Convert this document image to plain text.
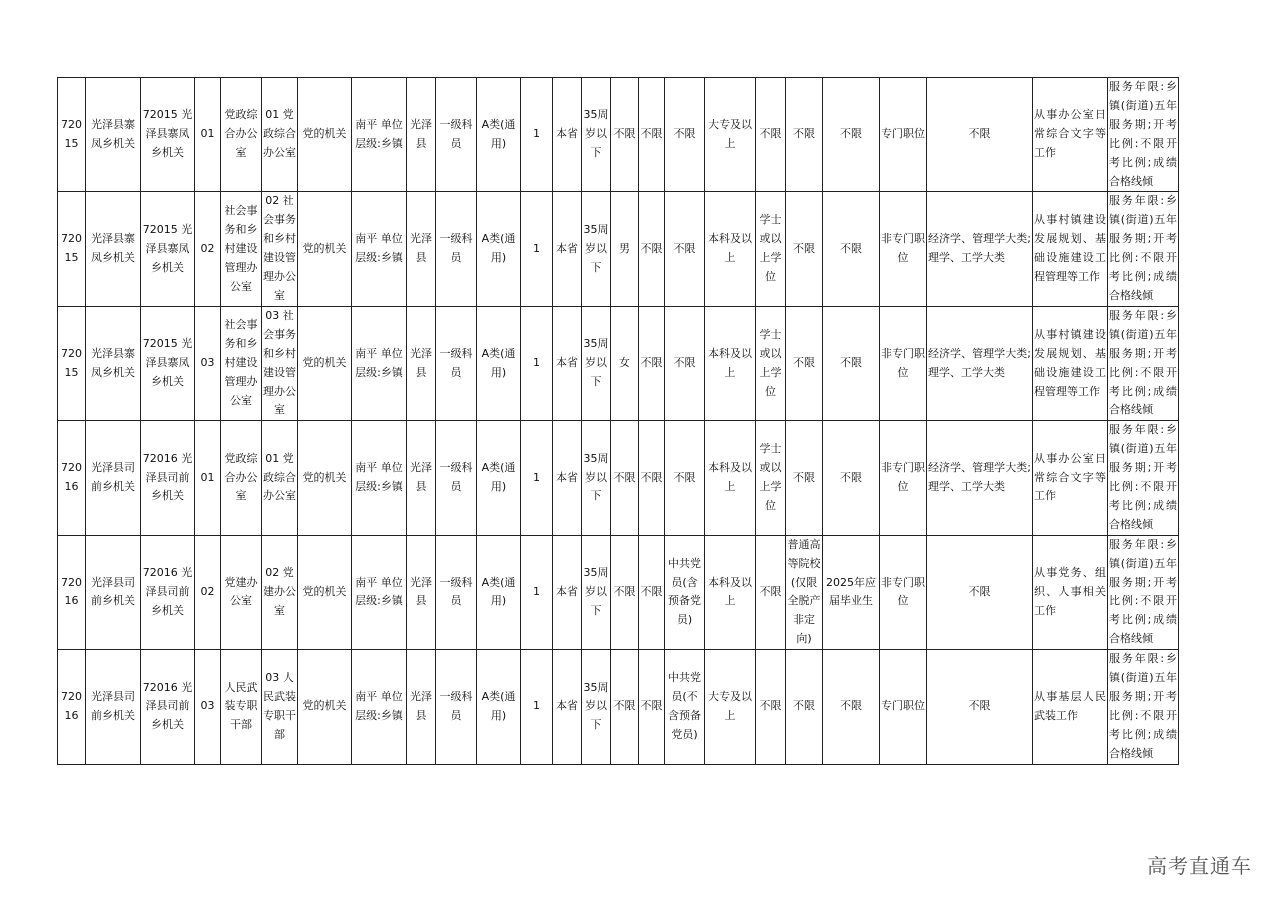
72015	光泽县寨凤乡机关	72015 光泽县寨凤乡机关	01	党政综合办公室	01 党政综合办公室	党的机关	南平 单位层级:乡镇	光泽县	一级科员	A类(通用)	1	本省	35周岁以下	不限	不限	不限	大专及以上	不限	不限	不限	专门职位	不限	从事办公室日常综合文字等工作	服务年限:乡镇(街道)五年服务期;开考比例:不限开考比例;成绩合格线倾
72015	光泽县寨凤乡机关	72015 光泽县寨凤乡机关	02	社会事务和乡村建设管理办公室	02 社会事务和乡村建设管理办公室	党的机关	南平 单位层级:乡镇	光泽县	一级科员	A类(通用)	1	本省	35周岁以下	男	不限	不限	本科及以上	学士或以上学位	不限	不限	非专门职位	经济学、管理学大类;理学、工学大类	从事村镇建设发展规划、基础设施建设工程管理等工作	服务年限:乡镇(街道)五年服务期;开考比例:不限开考比例;成绩合格线倾
72015	光泽县寨凤乡机关	72015 光泽县寨凤乡机关	03	社会事务和乡村建设管理办公室	03 社会事务和乡村建设管理办公室	党的机关	南平 单位层级:乡镇	光泽县	一级科员	A类(通用)	1	本省	35周岁以下	女	不限	不限	本科及以上	学士或以上学位	不限	不限	非专门职位	经济学、管理学大类;理学、工学大类	从事村镇建设发展规划、基础设施建设工程管理等工作	服务年限:乡镇(街道)五年服务期;开考比例:不限开考比例;成绩合格线倾
72016	光泽县司前乡机关	72016 光泽县司前乡机关	01	党政综合办公室	01 党政综合办公室	党的机关	南平 单位层级:乡镇	光泽县	一级科员	A类(通用)	1	本省	35周岁以下	不限	不限	不限	本科及以上	学士或以上学位	不限	不限	非专门职位	经济学、管理学大类;理学、工学大类	从事办公室日常综合文字等工作	服务年限:乡镇(街道)五年服务期;开考比例:不限开考比例;成绩合格线倾
72016	光泽县司前乡机关	72016 光泽县司前乡机关	02	党建办公室	02 党建办公室	党的机关	南平 单位层级:乡镇	光泽县	一级科员	A类(通用)	1	本省	35周岁以下	不限	不限	中共党员(含预备党员)	本科及以上	不限	普通高等院校(仅限全脱产非定向)	2025年应届毕业生	非专门职位	不限	从事党务、组织、人事相关工作	服务年限:乡镇(街道)五年服务期;开考比例:不限开考比例;成绩合格线倾
72016	光泽县司前乡机关	72016 光泽县司前乡机关	03	人民武装专职干部	03 人民武装专职干部	党的机关	南平 单位层级:乡镇	光泽县	一级科员	A类(通用)	1	本省	35周岁以下	不限	不限	中共党员(不含预备党员)	大专及以上	不限	不限	不限	专门职位	不限	从事基层人民武装工作	服务年限:乡镇(街道)五年服务期;开考比例:不限开考比例;成绩合格线倾
高考直通车
